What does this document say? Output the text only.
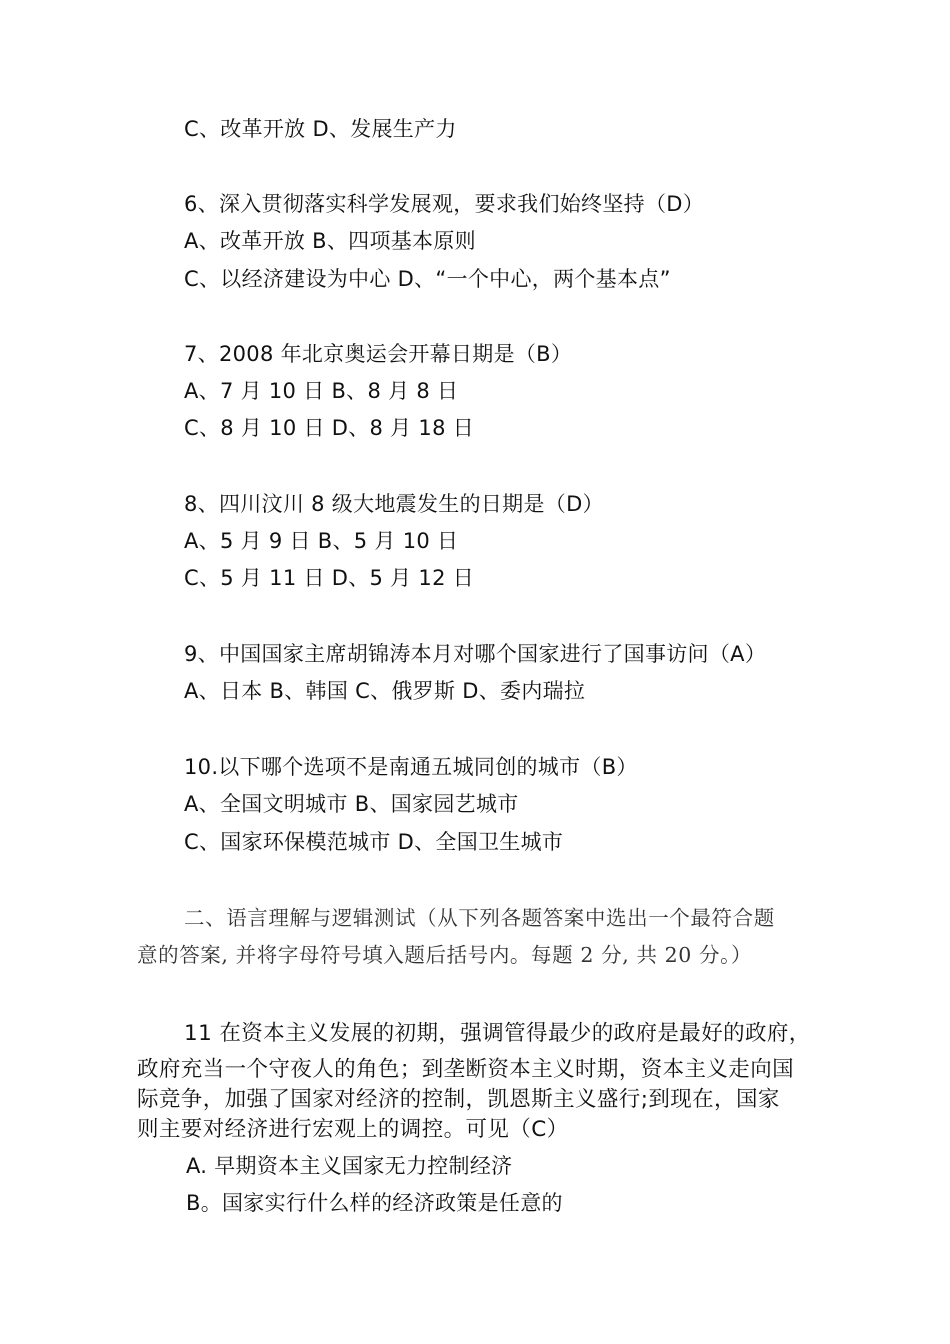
C、改革开放 D、发展生产力
6、深入贯彻落实科学发展观，要求我们始终坚持（D）
A、改革开放 B、四项基本原则
C、以经济建设为中心 D、“一个中心，两个基本点”
7、2008 年北京奥运会开幕日期是（B）
A、7 月 10 日 B、8 月 8 日
C、8 月 10 日 D、8 月 18 日
8、四川汶川 8 级大地震发生的日期是（D）
A、5 月 9 日 B、5 月 10 日
C、5 月 11 日 D、5 月 12 日
9、中国国家主席胡锦涛本月对哪个国家进行了国事访问（A）
A、日本 B、韩国 C、俄罗斯 D、委内瑞拉
10.以下哪个选项不是南通五城同创的城市（B）
A、全国文明城市 B、国家园艺城市
C、国家环保模范城市 D、全国卫生城市
二、语言理解与逻辑测试（从下列各题答案中选出一个最符合题
意的答案, 并将字母符号填入题后括号内。每题 2 分, 共 20 分。）
11 在资本主义发展的初期，强调管得最少的政府是最好的政府，
政府充当一个守夜人的角色；到垄断资本主义时期，资本主义走向国
际竞争，加强了国家对经济的控制，凯恩斯主义盛行;到现在，国家
则主要对经济进行宏观上的调控。可见（C）
A. 早期资本主义国家无力控制经济
B。国家实行什么样的经济政策是任意的
